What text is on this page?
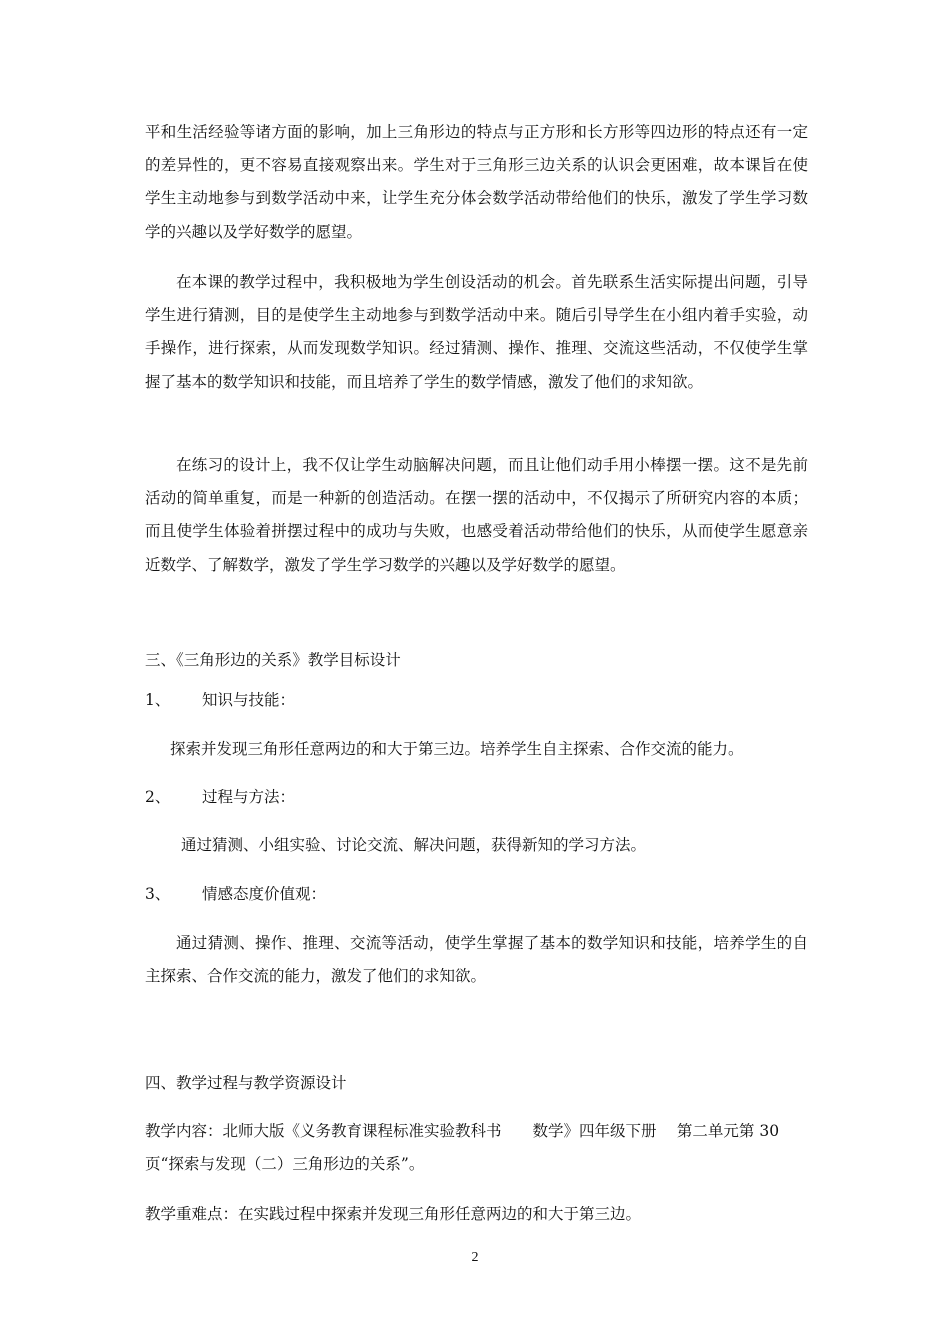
平和生活经验等诸方面的影响，加上三角形边的特点与正方形和长方形等四边形的特点还有一定的差异性的，更不容易直接观察出来。学生对于三角形三边关系的认识会更困难，故本课旨在使学生主动地参与到数学活动中来，让学生充分体会数学活动带给他们的快乐，激发了学生学习数学的兴趣以及学好数学的愿望。

在本课的教学过程中，我积极地为学生创设活动的机会。首先联系生活实际提出问题，引导学生进行猜测，目的是使学生主动地参与到数学活动中来。随后引导学生在小组内着手实验，动手操作，进行探索，从而发现数学知识。经过猜测、操作、推理、交流这些活动，不仅使学生掌握了基本的数学知识和技能，而且培养了学生的数学情感，激发了他们的求知欲。

在练习的设计上，我不仅让学生动脑解决问题，而且让他们动手用小棒摆一摆。这不是先前活动的简单重复，而是一种新的创造活动。在摆一摆的活动中，不仅揭示了所研究内容的本质；而且使学生体验着拼摆过程中的成功与失败，也感受着活动带给他们的快乐，从而使学生愿意亲近数学、了解数学，激发了学生学习数学的兴趣以及学好数学的愿望。

三、《三角形边的关系》教学目标设计
1、 知识与技能：
探索并发现三角形任意两边的和大于第三边。培养学生自主探索、合作交流的能力。
2、 过程与方法：
通过猜测、小组实验、讨论交流、解决问题，获得新知的学习方法。
3、 情感态度价值观：

通过猜测、操作、推理、交流等活动，使学生掌握了基本的数学知识和技能，培养学生的自主探索、合作交流的能力，激发了他们的求知欲。

四、教学过程与教学资源设计
教学内容：北师大版《义务教育课程标准实验教科书　　数学》四年级下册　 第二单元第 30
页“探索与发现（二）三角形边的关系”。
教学重难点：在实践过程中探索并发现三角形任意两边的和大于第三边。
2
